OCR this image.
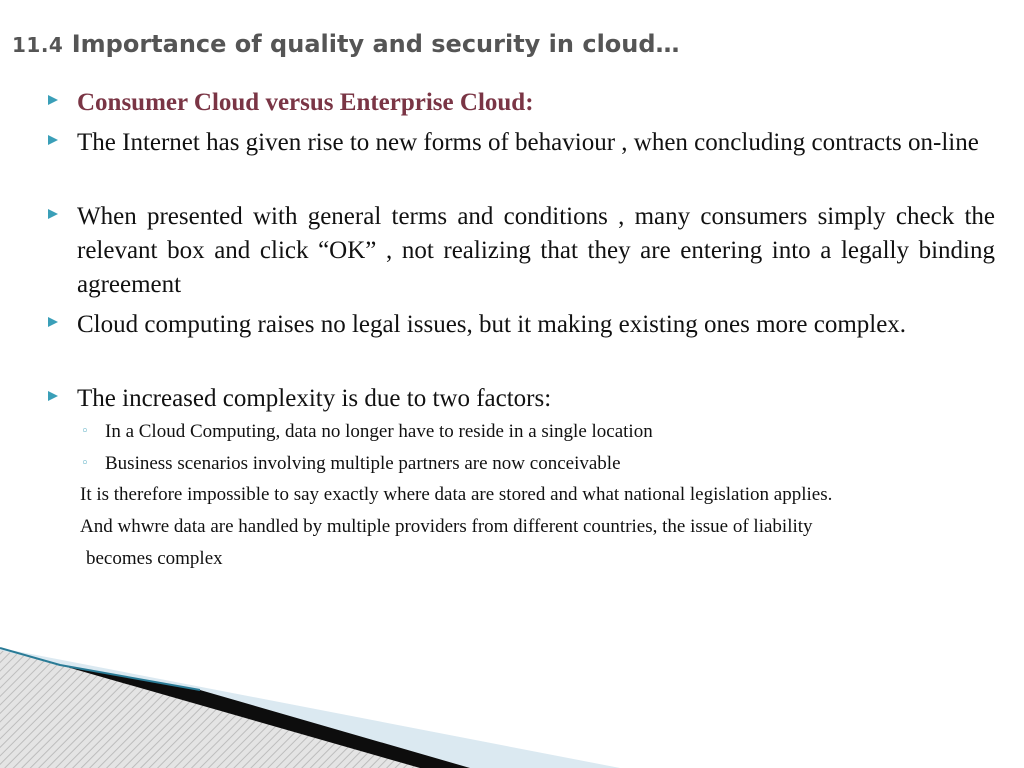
11.4 Importance of quality and security in cloud…
Consumer Cloud versus Enterprise Cloud:
The Internet has given rise to new forms of behaviour , when concluding contracts on-line
When presented with general terms and conditions , many consumers simply check the relevant box and click “OK” , not realizing that they are entering into a legally binding agreement
Cloud computing raises no legal issues, but it making existing ones more complex.
The increased complexity is due to two factors:
◦ In a Cloud Computing, data no longer have to reside in a single location
◦ Business scenarios involving multiple partners are now conceivable
It is therefore impossible to say exactly where data are stored and what national legislation applies.
And whwre data are handled by multiple providers from different countries, the issue of liability
becomes complex
